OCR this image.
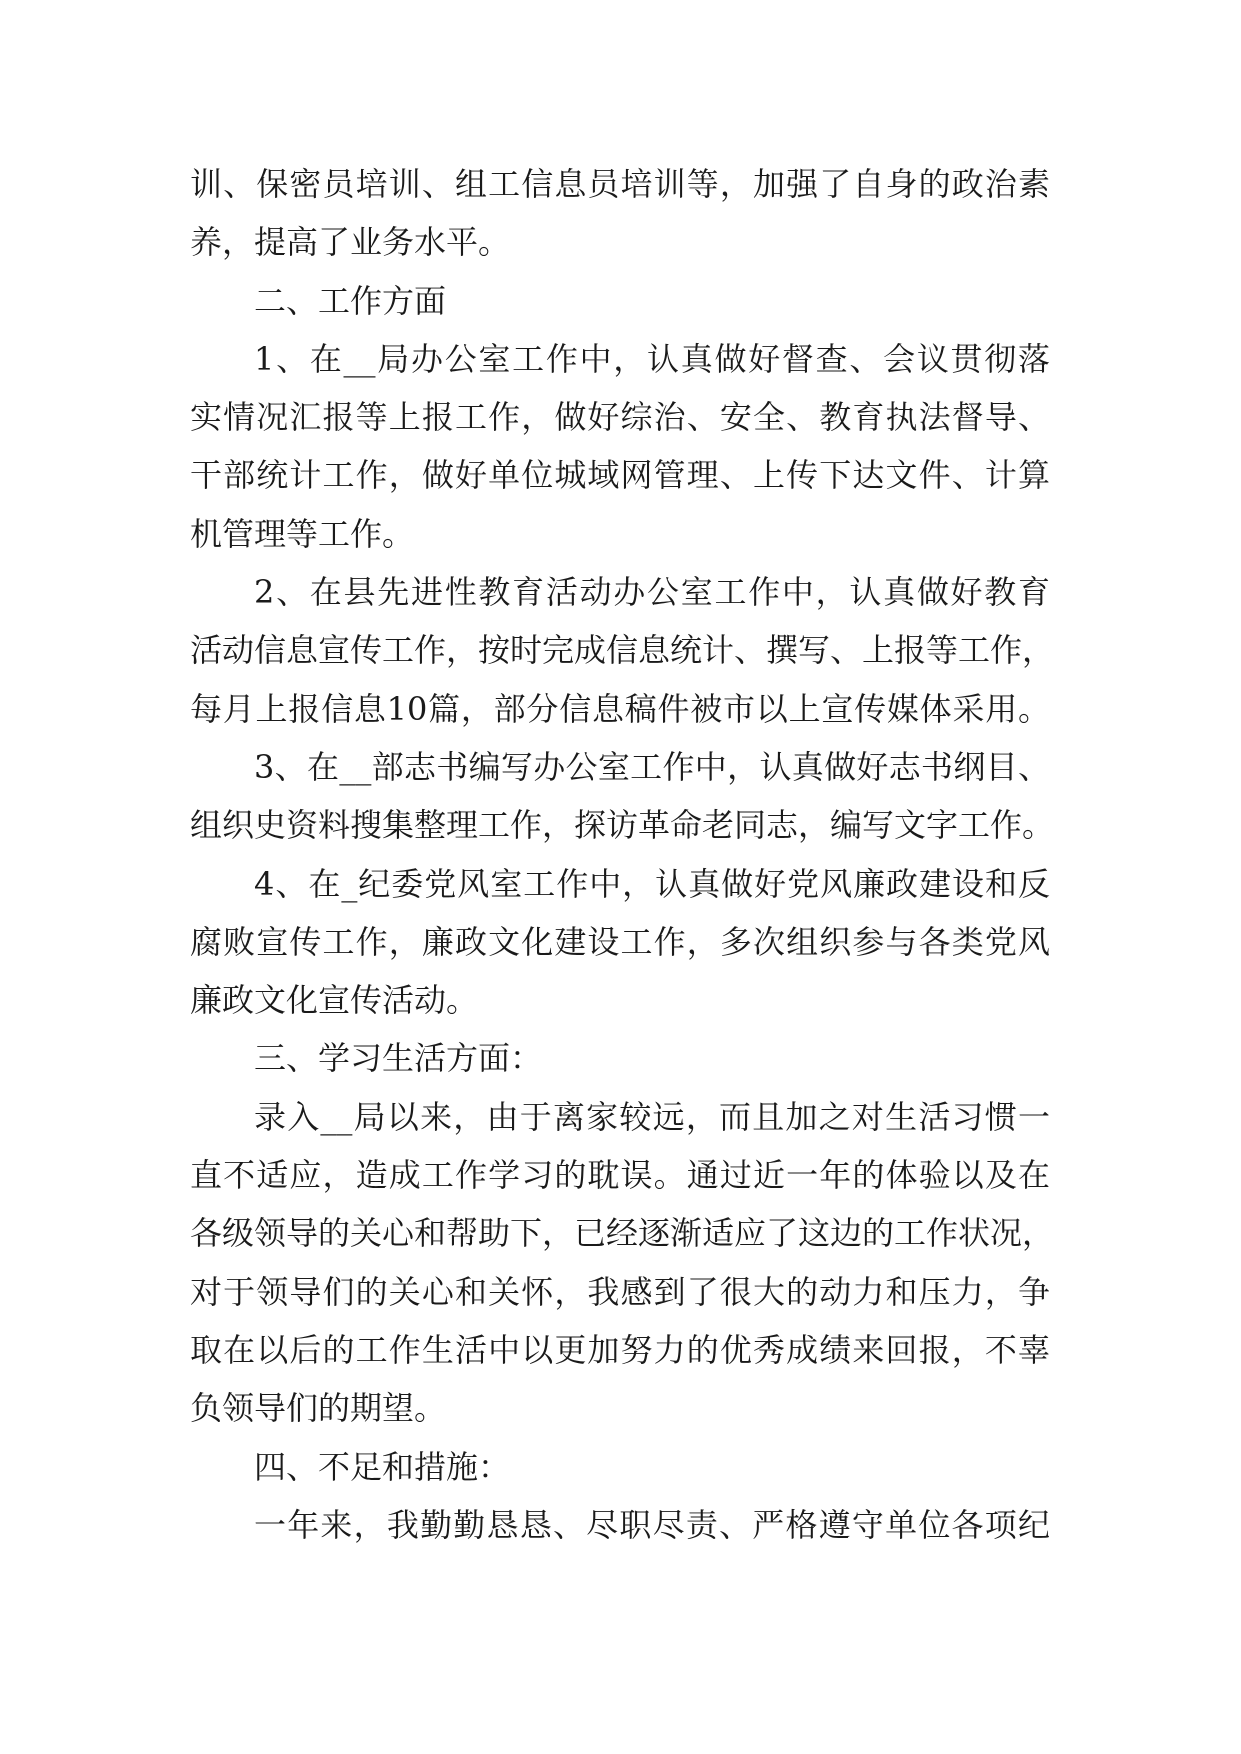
训、保密员培训、组工信息员培训等，加强了自身的政治素
养，提高了业务水平。
二、工作方面
1、在__局办公室工作中，认真做好督查、会议贯彻落
实情况汇报等上报工作，做好综治、安全、教育执法督导、
干部统计工作，做好单位城域网管理、上传下达文件、计算
机管理等工作。
2、在县先进性教育活动办公室工作中，认真做好教育
活动信息宣传工作，按时完成信息统计、撰写、上报等工作，
每月上报信息10篇，部分信息稿件被市以上宣传媒体采用。
3、在__部志书编写办公室工作中，认真做好志书纲目、
组织史资料搜集整理工作，探访革命老同志，编写文字工作。
4、在_纪委党风室工作中，认真做好党风廉政建设和反
腐败宣传工作，廉政文化建设工作，多次组织参与各类党风
廉政文化宣传活动。
三、学习生活方面：
录入__局以来，由于离家较远，而且加之对生活习惯一
直不适应，造成工作学习的耽误。通过近一年的体验以及在
各级领导的关心和帮助下，已经逐渐适应了这边的工作状况，
对于领导们的关心和关怀，我感到了很大的动力和压力，争
取在以后的工作生活中以更加努力的优秀成绩来回报，不辜
负领导们的期望。
四、不足和措施：
一年来，我勤勤恳恳、尽职尽责、严格遵守单位各项纪
